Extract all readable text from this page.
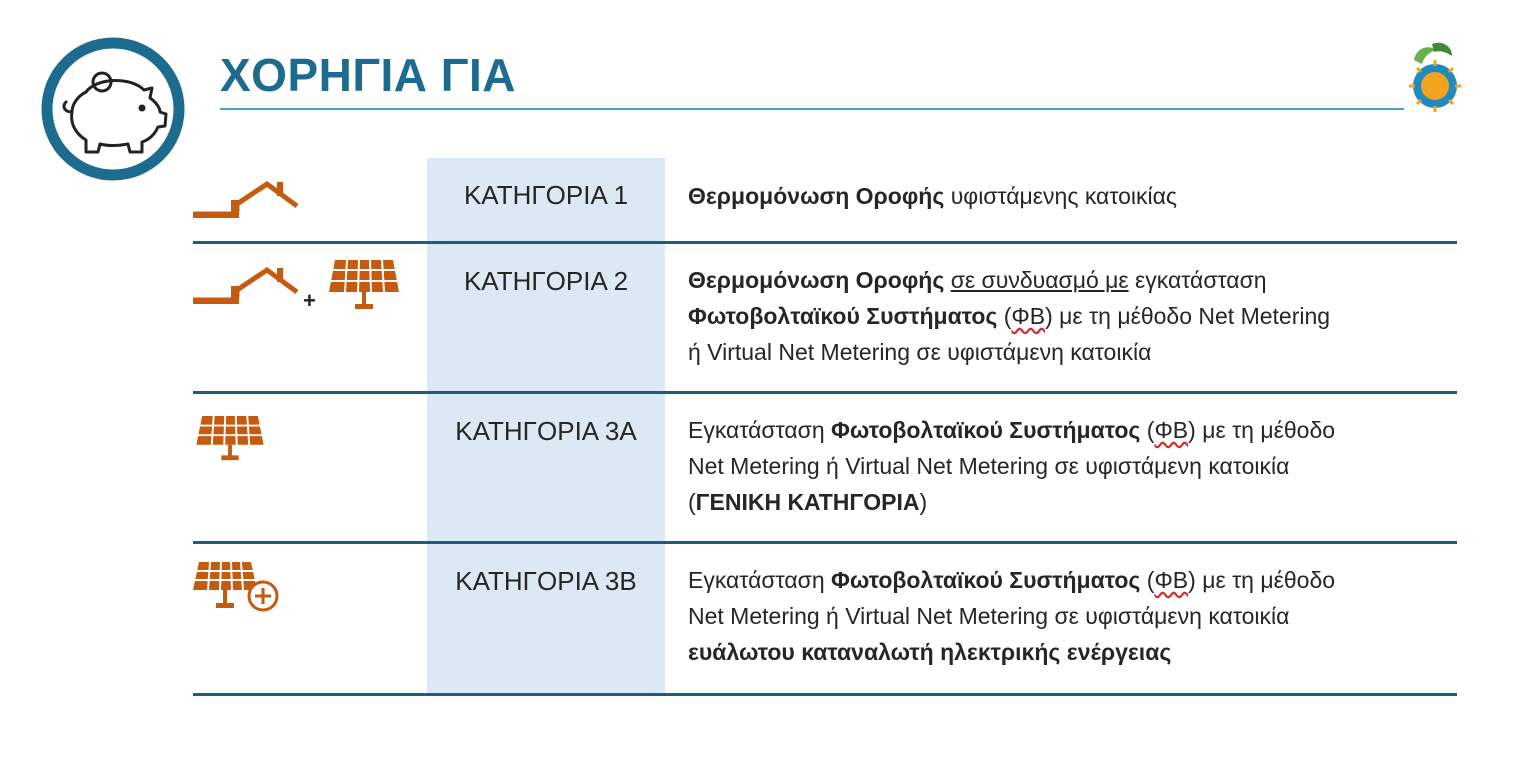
ΧΟΡΗΓΙΑ ΓΙΑ
ΚΑΤΗΓΟΡΙΑ 1	Θερμομόνωση Οροφής υφιστάμενης κατοικίας
+
ΚΑΤΗΓΟΡΙΑ 2	Θερμομόνωση Οροφής σε συνδυασμό με εγκατάσταση
Φωτοβολταϊκού Συστήματος (ΦΒ) με τη μέθοδο Net Metering
ή Virtual Net Metering σε υφιστάμενη κατοικία
ΚΑΤΗΓΟΡΙΑ 3Α	Εγκατάσταση Φωτοβολταϊκού Συστήματος (ΦΒ) με τη μέθοδο
Net Metering ή Virtual Net Metering σε υφιστάμενη κατοικία
(ΓΕΝΙΚΗ ΚΑΤΗΓΟΡΙΑ)
ΚΑΤΗΓΟΡΙΑ 3Β	Εγκατάσταση Φωτοβολταϊκού Συστήματος (ΦΒ) με τη μέθοδο
Net Metering ή Virtual Net Metering σε υφιστάμενη κατοικία
ευάλωτου καταναλωτή ηλεκτρικής ενέργειας
